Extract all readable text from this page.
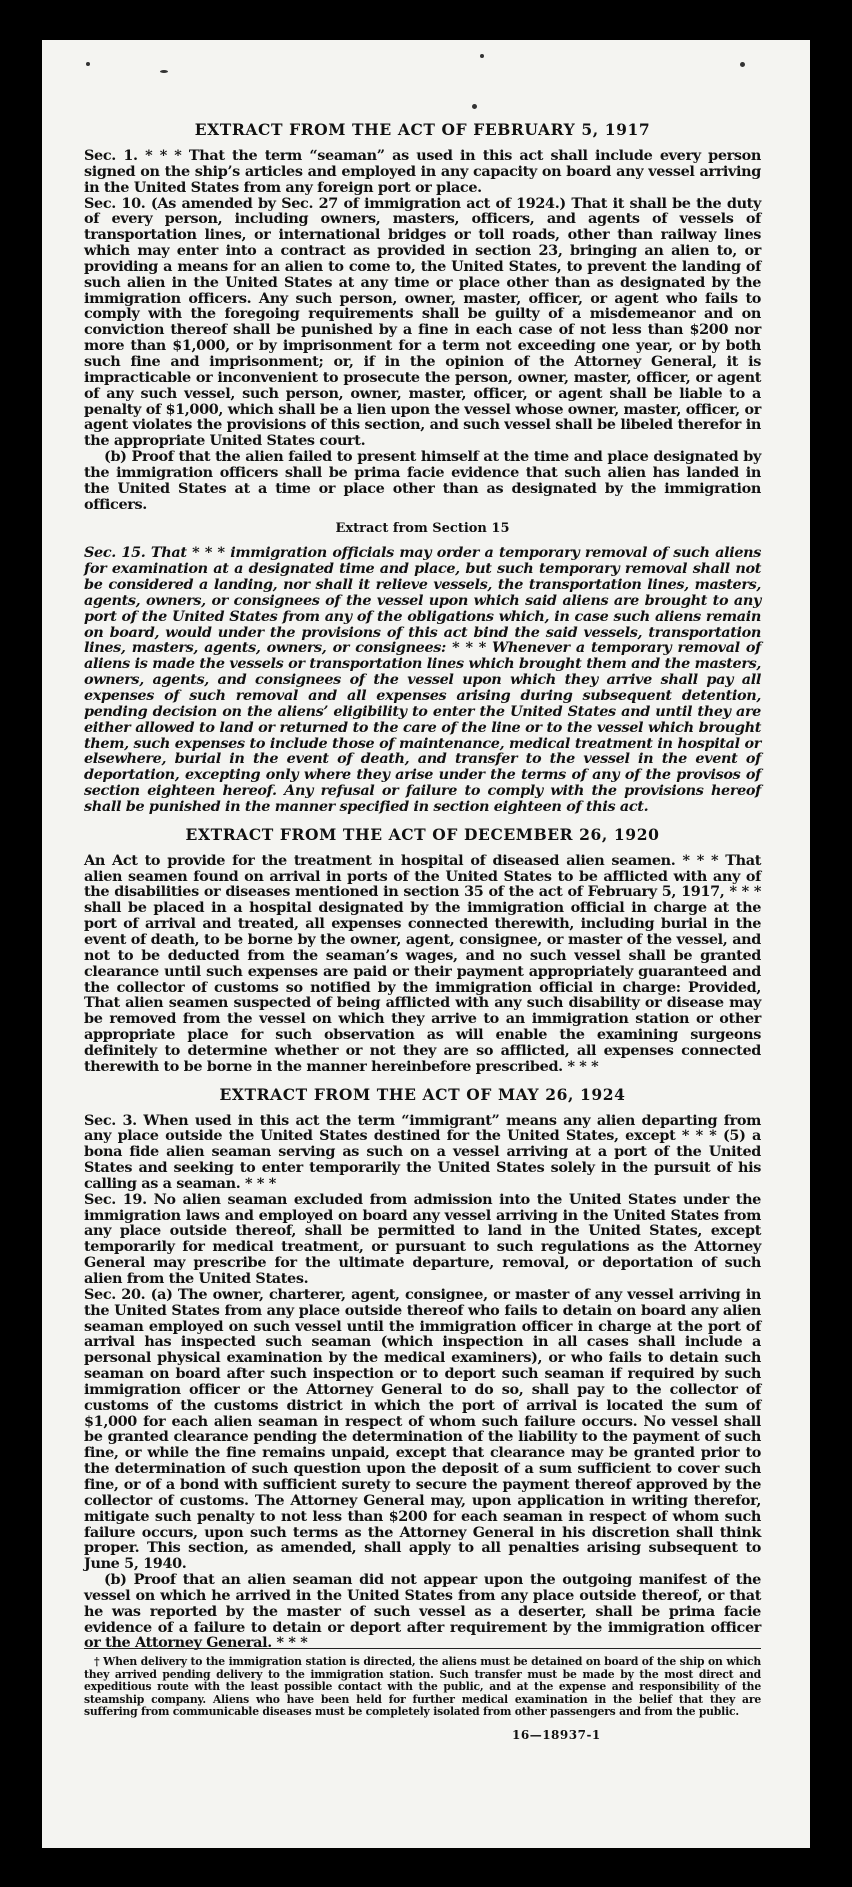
EXTRACT FROM THE ACT OF FEBRUARY 5, 1917

Sec. 1. * * * That the term “seaman” as used in this act shall include every person signed on the ship’s articles and employed in any capacity on board any vessel arriving in the United States from any foreign port or place.

Sec. 10. (As amended by Sec. 27 of immigration act of 1924.) That it shall be the duty of every person, including owners, masters, officers, and agents of vessels of transportation lines, or international bridges or toll roads, other than railway lines which may enter into a contract as provided in section 23, bringing an alien to, or providing a means for an alien to come to, the United States, to prevent the landing of such alien in the United States at any time or place other than as designated by the immigration officers. Any such person, owner, master, officer, or agent who fails to comply with the foregoing requirements shall be guilty of a misdemeanor and on conviction thereof shall be punished by a fine in each case of not less than $200 nor more than $1,000, or by imprisonment for a term not exceeding one year, or by both such fine and imprisonment; or, if in the opinion of the Attorney General, it is impracticable or inconvenient to prosecute the person, owner, master, officer, or agent of any such vessel, such person, owner, master, officer, or agent shall be liable to a penalty of $1,000, which shall be a lien upon the vessel whose owner, master, officer, or agent violates the provisions of this section, and such vessel shall be libeled therefor in the appropriate United States court.

(b) Proof that the alien failed to present himself at the time and place designated by the immigration officers shall be prima facie evidence that such alien has landed in the United States at a time or place other than as designated by the immigration officers.

Extract from Section 15

Sec. 15. That * * * immigration officials may order a temporary removal of such aliens for examination at a designated time and place, but such temporary removal shall not be considered a landing, nor shall it relieve vessels, the transportation lines, masters, agents, owners, or consignees of the vessel upon which said aliens are brought to any port of the United States from any of the obligations which, in case such aliens remain on board, would under the provisions of this act bind the said vessels, transportation lines, masters, agents, owners, or consignees: * * * Whenever a temporary removal of aliens is made the vessels or transportation lines which brought them and the masters, owners, agents, and consignees of the vessel upon which they arrive shall pay all expenses of such removal and all expenses arising during subsequent detention, pending decision on the aliens’ eligibility to enter the United States and until they are either allowed to land or returned to the care of the line or to the vessel which brought them, such expenses to include those of maintenance, medical treatment in hospital or elsewhere, burial in the event of death, and transfer to the vessel in the event of deportation, excepting only where they arise under the terms of any of the provisos of section eighteen hereof. Any refusal or failure to comply with the provisions hereof shall be punished in the manner specified in section eighteen of this act.

EXTRACT FROM THE ACT OF DECEMBER 26, 1920

An Act to provide for the treatment in hospital of diseased alien seamen. * * * That alien seamen found on arrival in ports of the United States to be afflicted with any of the disabilities or diseases mentioned in section 35 of the act of February 5, 1917, * * * shall be placed in a hospital designated by the immigration official in charge at the port of arrival and treated, all expenses connected therewith, including burial in the event of death, to be borne by the owner, agent, consignee, or master of the vessel, and not to be deducted from the seaman’s wages, and no such vessel shall be granted clearance until such expenses are paid or their payment appropriately guaranteed and the collector of customs so notified by the immigration official in charge: Provided, That alien seamen suspected of being afflicted with any such disability or disease may be removed from the vessel on which they arrive to an immigration station or other appropriate place for such observation as will enable the examining surgeons definitely to determine whether or not they are so afflicted, all expenses connected therewith to be borne in the manner hereinbefore prescribed. * * *

EXTRACT FROM THE ACT OF MAY 26, 1924

Sec. 3. When used in this act the term “immigrant” means any alien departing from any place outside the United States destined for the United States, except * * * (5) a bona fide alien seaman serving as such on a vessel arriving at a port of the United States and seeking to enter temporarily the United States solely in the pursuit of his calling as a seaman. * * *

Sec. 19. No alien seaman excluded from admission into the United States under the immigration laws and employed on board any vessel arriving in the United States from any place outside thereof, shall be permitted to land in the United States, except temporarily for medical treatment, or pursuant to such regulations as the Attorney General may prescribe for the ultimate departure, removal, or deportation of such alien from the United States.

Sec. 20. (a) The owner, charterer, agent, consignee, or master of any vessel arriving in the United States from any place outside thereof who fails to detain on board any alien seaman employed on such vessel until the immigration officer in charge at the port of arrival has inspected such seaman (which inspection in all cases shall include a personal physical examination by the medical examiners), or who fails to detain such seaman on board after such inspection or to deport such seaman if required by such immigration officer or the Attorney General to do so, shall pay to the collector of customs of the customs district in which the port of arrival is located the sum of $1,000 for each alien seaman in respect of whom such failure occurs. No vessel shall be granted clearance pending the determination of the liability to the payment of such fine, or while the fine remains unpaid, except that clearance may be granted prior to the determination of such question upon the deposit of a sum sufficient to cover such fine, or of a bond with sufficient surety to secure the payment thereof approved by the collector of customs. The Attorney General may, upon application in writing therefor, mitigate such penalty to not less than $200 for each seaman in respect of whom such failure occurs, upon such terms as the Attorney General in his discretion shall think proper. This section, as amended, shall apply to all penalties arising subsequent to June 5, 1940.

(b) Proof that an alien seaman did not appear upon the outgoing manifest of the vessel on which he arrived in the United States from any place outside thereof, or that he was reported by the master of such vessel as a deserter, shall be prima facie evidence of a failure to detain or deport after requirement by the immigration officer or the Attorney General. * * *

† When delivery to the immigration station is directed, the aliens must be detained on board of the ship on which they arrived pending delivery to the immigration station. Such transfer must be made by the most direct and expeditious route with the least possible contact with the public, and at the expense and responsibility of the steamship company. Aliens who have been held for further medical examination in the belief that they are suffering from communicable diseases must be completely isolated from other passengers and from the public.

16—18937-1
